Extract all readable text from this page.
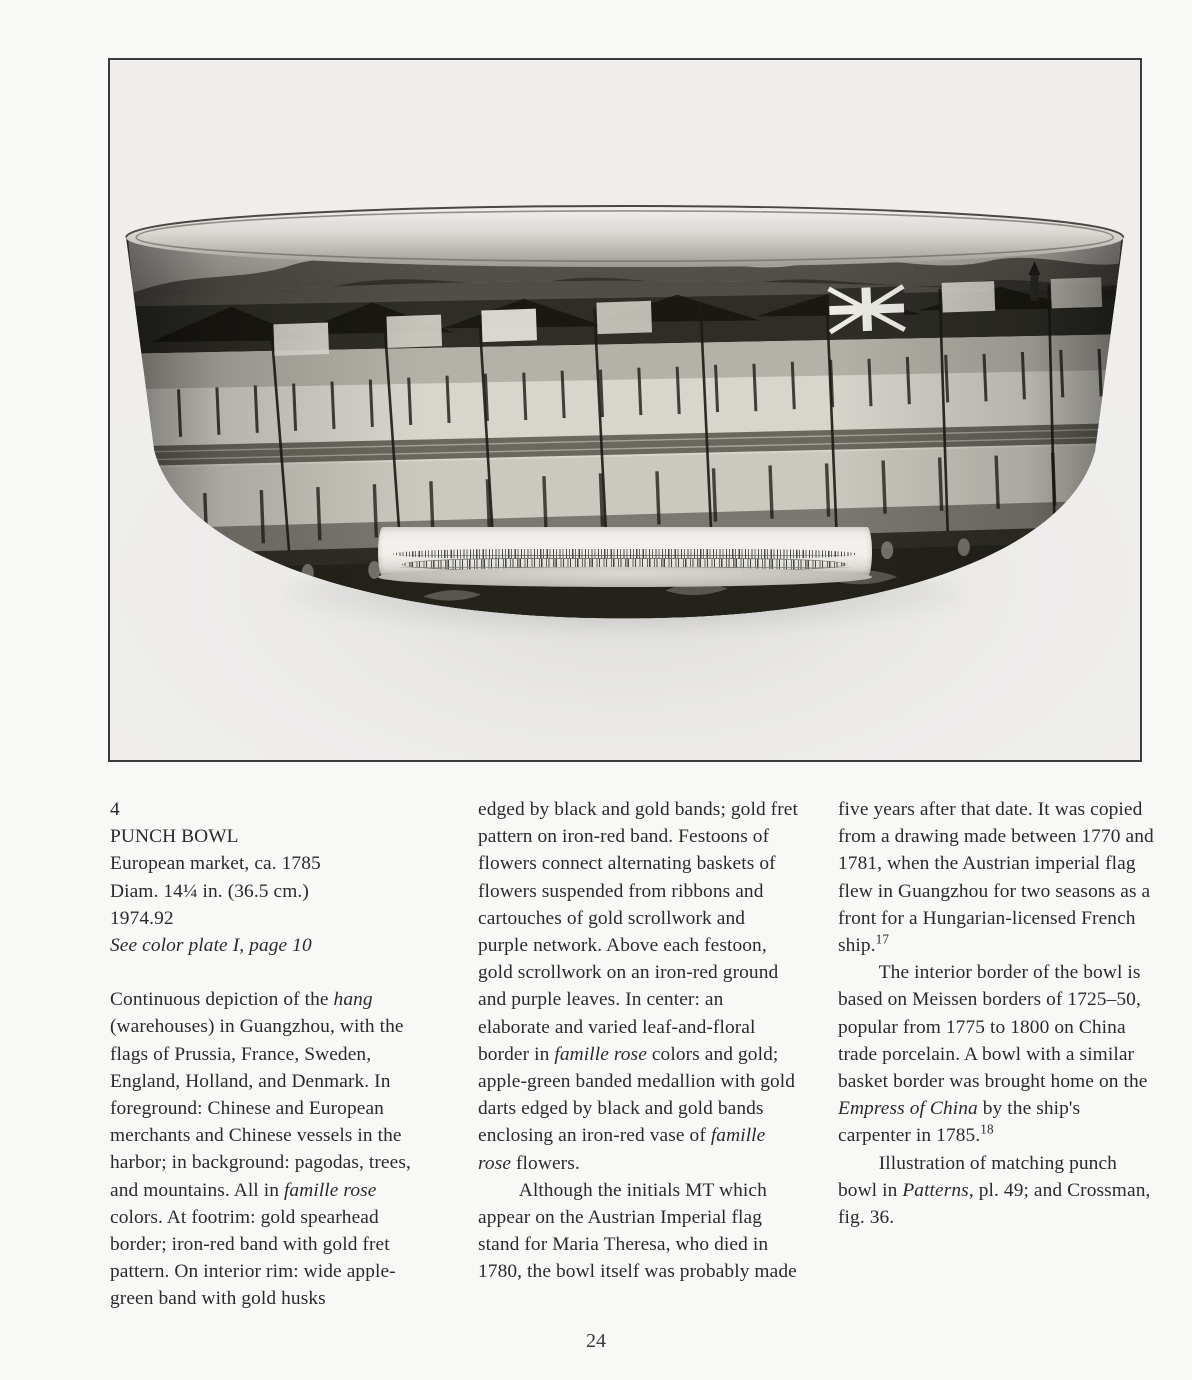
4

PUNCH BOWL

European market, ca. 1785

Diam. 14¼ in. (36.5 cm.)

1974.92

See color plate I, page 10

Continuous depiction of the hang (warehouses) in Guangzhou, with the flags of Prussia, France, Sweden, England, Holland, and Denmark. In foreground: Chinese and European merchants and Chinese vessels in the harbor; in background: pagodas, trees, and mountains. All in famille rose colors. At footrim: gold spearhead border; iron-red band with gold fret pattern. On interior rim: wide apple-green band with gold husks

edged by black and gold bands; gold fret pattern on iron-red band. Festoons of flowers connect alternating baskets of flowers suspended from ribbons and cartouches of gold scrollwork and purple network. Above each festoon, gold scrollwork on an iron-red ground and purple leaves. In center: an elaborate and varied leaf-and-floral border in famille rose colors and gold; apple-green banded medallion with gold darts edged by black and gold bands enclosing an iron-red vase of famille rose flowers.

Although the initials MT which appear on the Austrian Imperial flag stand for Maria Theresa, who died in 1780, the bowl itself was probably made

five years after that date. It was copied from a drawing made between 1770 and 1781, when the Austrian imperial flag flew in Guangzhou for two seasons as a front for a Hungarian-licensed French ship.$^{17}$

The interior border of the bowl is based on Meissen borders of 1725–50, popular from 1775 to 1800 on China trade porcelain. A bowl with a similar basket border was brought home on the Empress of China by the ship's carpenter in 1785.18

Illustration of matching punch bowl in Patterns, pl. 49; and Crossman, fig. 36.

24
